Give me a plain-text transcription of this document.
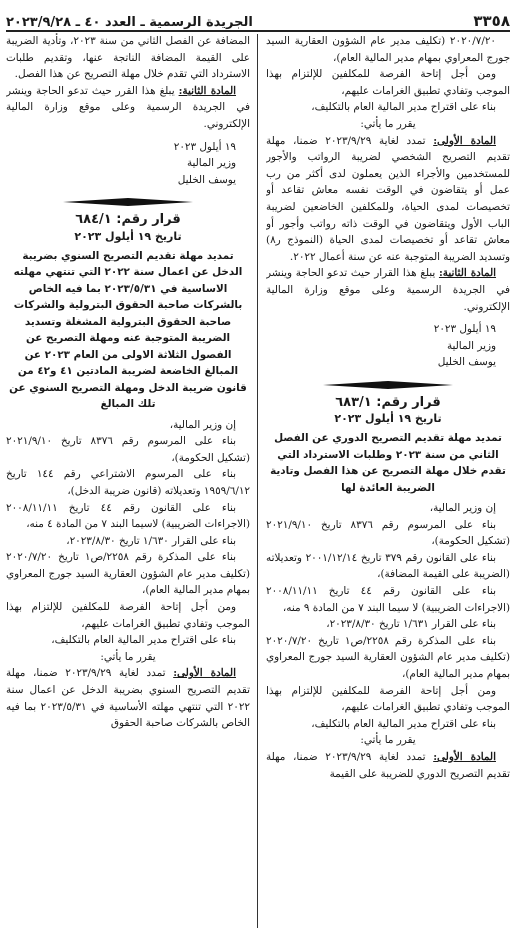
٣٣٥٨
الجريدة الرسمية ـ العدد ٤٠ ـ ٢٠٢٣/٩/٢٨

٢٠٢٠/٧/٢٠ (تكليف مدير عام الشؤون العقارية السيد جورج المعراوي بمهام مدير المالية العام)،

ومن أجل إتاحة الفرصة للمكلفين للإلتزام بهذا الموجب وتفادي تطبيق الغرامات عليهم،

بناء على اقتراح مدير المالية العام بالتكليف،

يقرر ما يأتي:

المادة الأولى: تمدد لغاية ٢٠٢٣/٩/٢٩ ضمنا، مهلة تقديم التصريح الشخصي لضريبة الرواتب والأجور للمستخدمين والأجراء الذين يعملون لدى أكثر من رب عمل أو يتقاضون في الوقت نفسه معاش تقاعد أو تخصيصات لمدى الحياة، وللمكلفين الخاضعين لضريبة الباب الأول ويتقاضون في الوقت ذاته رواتب وأجور أو معاش تقاعد أو تخصيصات لمدى الحياة (النموذج ر٨) وتسديد الضريبة المتوجبة عنه عن سنة أعمال ٢٠٢٢.

المادة الثانية: يبلغ هذا القرار حيث تدعو الحاجة وينشر في الجريدة الرسمية وعلى موقع وزارة المالية الإلكتروني.

١٩ أيلول ٢٠٢٣

وزير المالية

يوسف الخليل

قرار رقم: ٦٨٣/١

تاريخ ١٩ أيلول ٢٠٢٣

تمديد مهلة تقديم التصريح الدوري عن الفصل الثاني من سنة ٢٠٢٣ وطلبات الاسترداد التي تقدم خلال مهلة التصريح عن هذا الفصل وتادية الضريبة العائدة لها

إن وزير المالية،

بناء على المرسوم رقم ٨٣٧٦ تاريخ ٢٠٢١/٩/١٠ (تشكيل الحكومة)،

بناء على القانون رقم ٣٧٩ تاريخ ٢٠٠١/١٢/١٤ وتعديلاته (الضريبة على القيمة المضافة)،

بناء على القانون رقم ٤٤ تاريخ ٢٠٠٨/١١/١١ (الاجراءات الضريبية) لا سيما البند ٧ من المادة ٩ منه،

بناء على القرار ١/٦٣١ تاريخ ٢٠٢٣/٨/٣٠،

بناء على المذكرة رقم ٢٢٥٨/ص١ تاريخ ٢٠٢٠/٧/٢٠ (تكليف مدير عام الشؤون العقارية السيد جورج المعراوي بمهام مدير المالية العام)،

ومن أجل إتاحة الفرصة للمكلفين للإلتزام بهذا الموجب وتفادي تطبيق الغرامات عليهم،

بناء على اقتراح مدير المالية العام بالتكليف،

يقرر ما يأتي:

المادة الأولى: تمدد لغاية ٢٠٢٣/٩/٢٩ ضمنا، مهلة تقديم التصريح الدوري للضريبة على القيمة

المضافة عن الفصل الثاني من سنة ٢٠٢٣، وتأدية الضريبة على القيمة المضافة الناتجة عنها، وتقديم طلبات الاسترداد التي تقدم خلال مهلة التصريح عن هذا الفصل.

المادة الثانية: يبلغ هذا القرر حيث تدعو الحاجة وينشر في الجريدة الرسمية وعلى موقع وزارة المالية الإلكتروني.

١٩ أيلول ٢٠٢٣

وزير المالية

يوسف الخليل

قرار رقم: ٦٨٤/١

تاريخ ١٩ أيلول ٢٠٢٣

تمديد مهلة تقديم التصريح السنوي بضريبة الدخل عن اعمال سنة ٢٠٢٢ التي تنتهي مهلته الاساسية في ٢٠٢٣/٥/٣١ بما فيه الخاص بالشركات صاحبة الحقوق البترولية والشركات صاحبة الحقوق البترولية المشغلة وتسديد الضريبة المتوجبة عنه ومهلة التصريح عن الفصول الثلاثة الاولى من العام ٢٠٢٣ عن المبالغ الخاضعة لضريبة المادتين ٤١ و٤٢ من قانون ضريبة الدخل ومهلة التصريح السنوي عن تلك المبالغ

إن وزير المالية،

بناء على المرسوم رقم ٨٣٧٦ تاريخ ٢٠٢١/٩/١٠ (تشكيل الحكومة)،

بناء على المرسوم الاشتراعي رقم ١٤٤ تاريخ ١٩٥٩/٦/١٢ وتعديلاته (قانون ضريبة الدخل)،

بناء على القانون رقم ٤٤ تاريخ ٢٠٠٨/١١/١١ (الاجراءات الضريبية) لاسيما البند ٧ من المادة ٤ منه،

بناء على القرار ١/٦٣٠ تاريخ ٢٠٢٣/٨/٣٠،

بناء على المذكرة رقم ٢٢٥٨/ص١ تاريخ ٢٠٢٠/٧/٢٠ (تكليف مدير عام الشؤون العقارية السيد جورج المعراوي بمهام مدير المالية العام)،

ومن أجل إتاحة الفرصة للمكلفين للإلتزام بهذا الموجب وتفادي تطبيق الغرامات عليهم،

بناء على اقتراح مدير المالية العام بالتكليف،

يقرر ما يأتي:

المادة الأولى: تمدد لغاية ٢٠٢٣/٩/٢٩ ضمنا، مهلة تقديم التصريح السنوي بضريبة الدخل عن اعمال سنة ٢٠٢٢ التي تنتهي مهلته الأساسية في ٢٠٢٣/٥/٣١ بما فيه الخاص بالشركات صاحبة الحقوق
